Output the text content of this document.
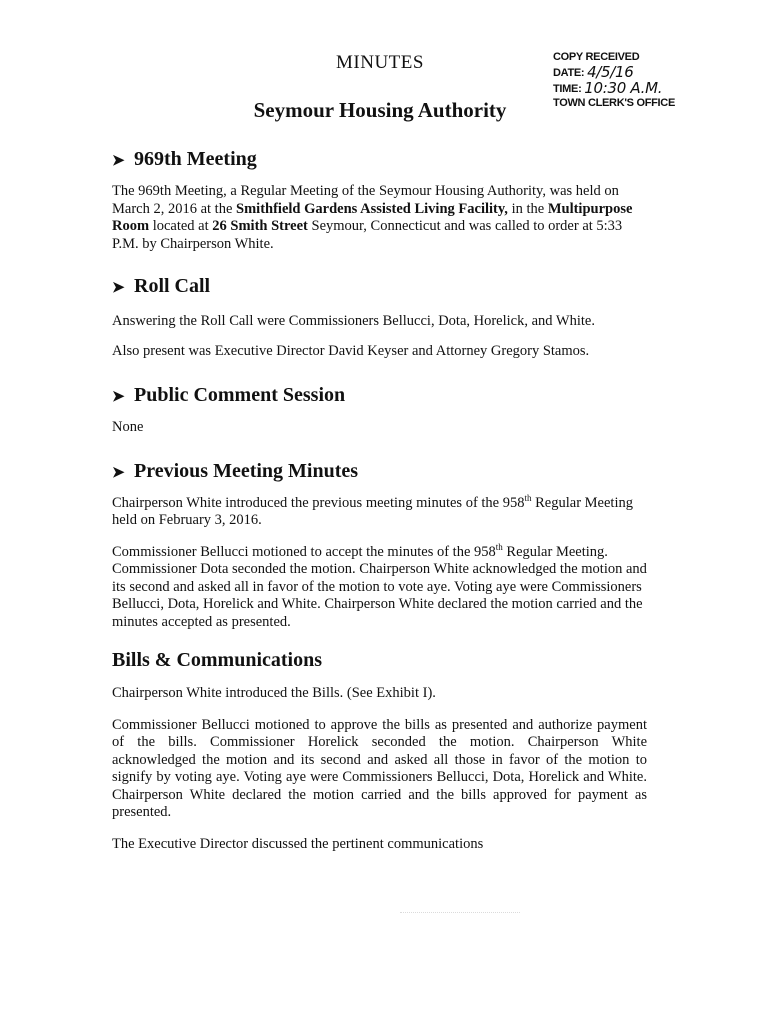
MINUTES
Seymour Housing Authority
COPY RECEIVED
DATE: 4/5/16
TIME: 10:30 A.M.
TOWN CLERK'S OFFICE
➤ 969th Meeting

The 969th Meeting, a Regular Meeting of the Seymour Housing Authority, was held on March 2, 2016 at the Smithfield Gardens Assisted Living Facility, in the Multipurpose Room located at 26 Smith Street Seymour, Connecticut and was called to order at 5:33 P.M. by Chairperson White.

➤ Roll Call

Answering the Roll Call were Commissioners Bellucci, Dota, Horelick, and White.

Also present was Executive Director David Keyser and Attorney Gregory Stamos.

➤ Public Comment Session

None

➤ Previous Meeting Minutes

Chairperson White introduced the previous meeting minutes of the 958th Regular Meeting held on February 3, 2016.

Commissioner Bellucci motioned to accept the minutes of the 958th Regular Meeting. Commissioner Dota seconded the motion. Chairperson White acknowledged the motion and its second and asked all in favor of the motion to vote aye. Voting aye were Commissioners Bellucci, Dota, Horelick and White. Chairperson White declared the motion carried and the minutes accepted as presented.

Bills & Communications

Chairperson White introduced the Bills. (See Exhibit I).

Commissioner Bellucci motioned to approve the bills as presented and authorize payment of the bills. Commissioner Horelick seconded the motion. Chairperson White acknowledged the motion and its second and asked all those in favor of the motion to signify by voting aye. Voting aye were Commissioners Bellucci, Dota, Horelick and White. Chairperson White declared the motion carried and the bills approved for payment as presented.

The Executive Director discussed the pertinent communications
